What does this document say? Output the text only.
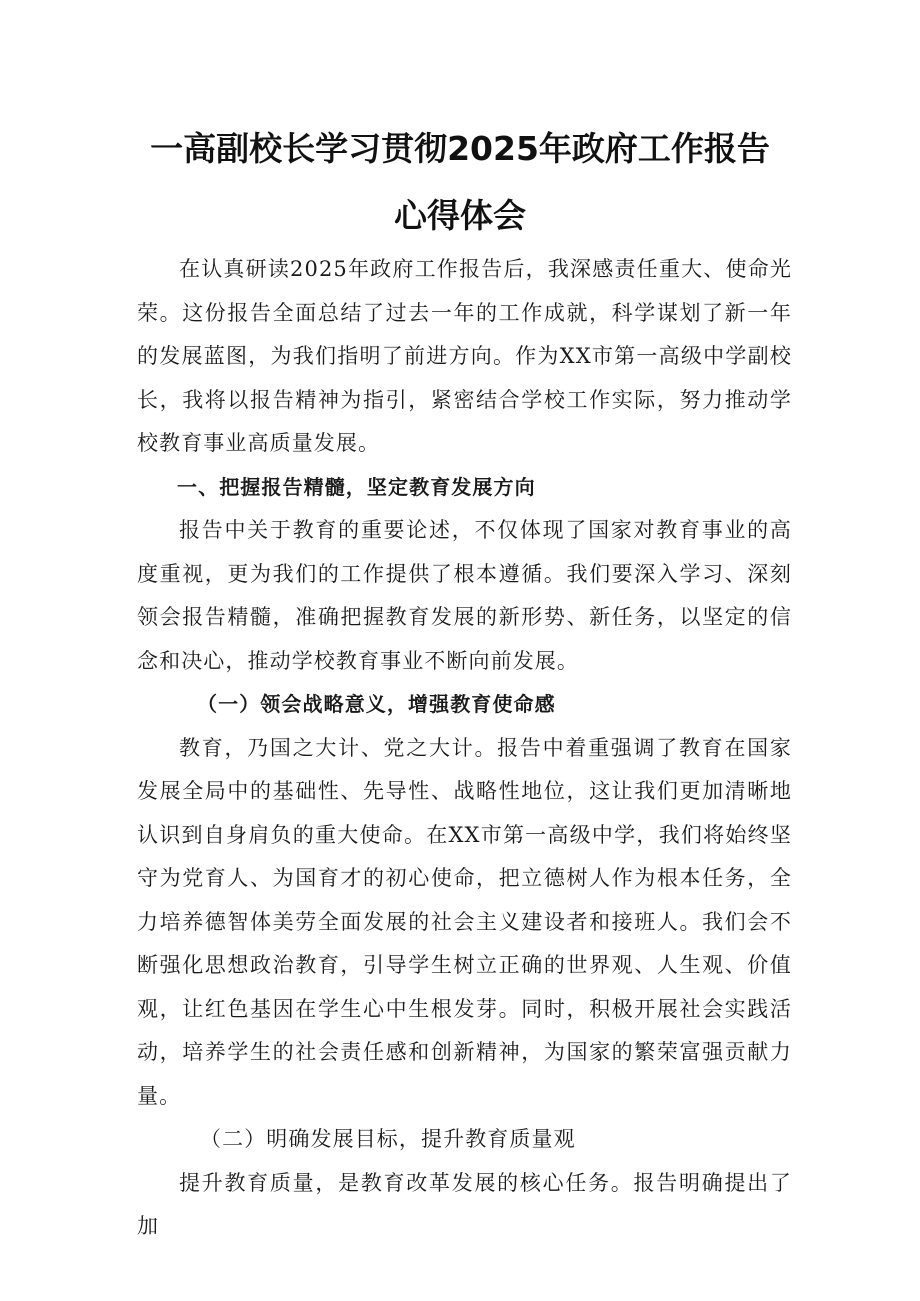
一高副校长学习贯彻2025年政府工作报告
心得体会

在认真研读2025年政府工作报告后，我深感责任重大、使命光荣。这份报告全面总结了过去一年的工作成就，科学谋划了新一年的发展蓝图，为我们指明了前进方向。作为XX市第一高级中学副校长，我将以报告精神为指引，紧密结合学校工作实际，努力推动学校教育事业高质量发展。

一、把握报告精髓，坚定教育发展方向

报告中关于教育的重要论述，不仅体现了国家对教育事业的高度重视，更为我们的工作提供了根本遵循。我们要深入学习、深刻领会报告精髓，准确把握教育发展的新形势、新任务，以坚定的信念和决心，推动学校教育事业不断向前发展。

（一）领会战略意义，增强教育使命感

教育，乃国之大计、党之大计。报告中着重强调了教育在国家发展全局中的基础性、先导性、战略性地位，这让我们更加清晰地认识到自身肩负的重大使命。在XX市第一高级中学，我们将始终坚守为党育人、为国育才的初心使命，把立德树人作为根本任务，全力培养德智体美劳全面发展的社会主义建设者和接班人。我们会不断强化思想政治教育，引导学生树立正确的世界观、人生观、价值观，让红色基因在学生心中生根发芽。同时，积极开展社会实践活动，培养学生的社会责任感和创新精神，为国家的繁荣富强贡献力量。

（二）明确发展目标，提升教育质量观

提升教育质量，是教育改革发展的核心任务。报告明确提出了加
